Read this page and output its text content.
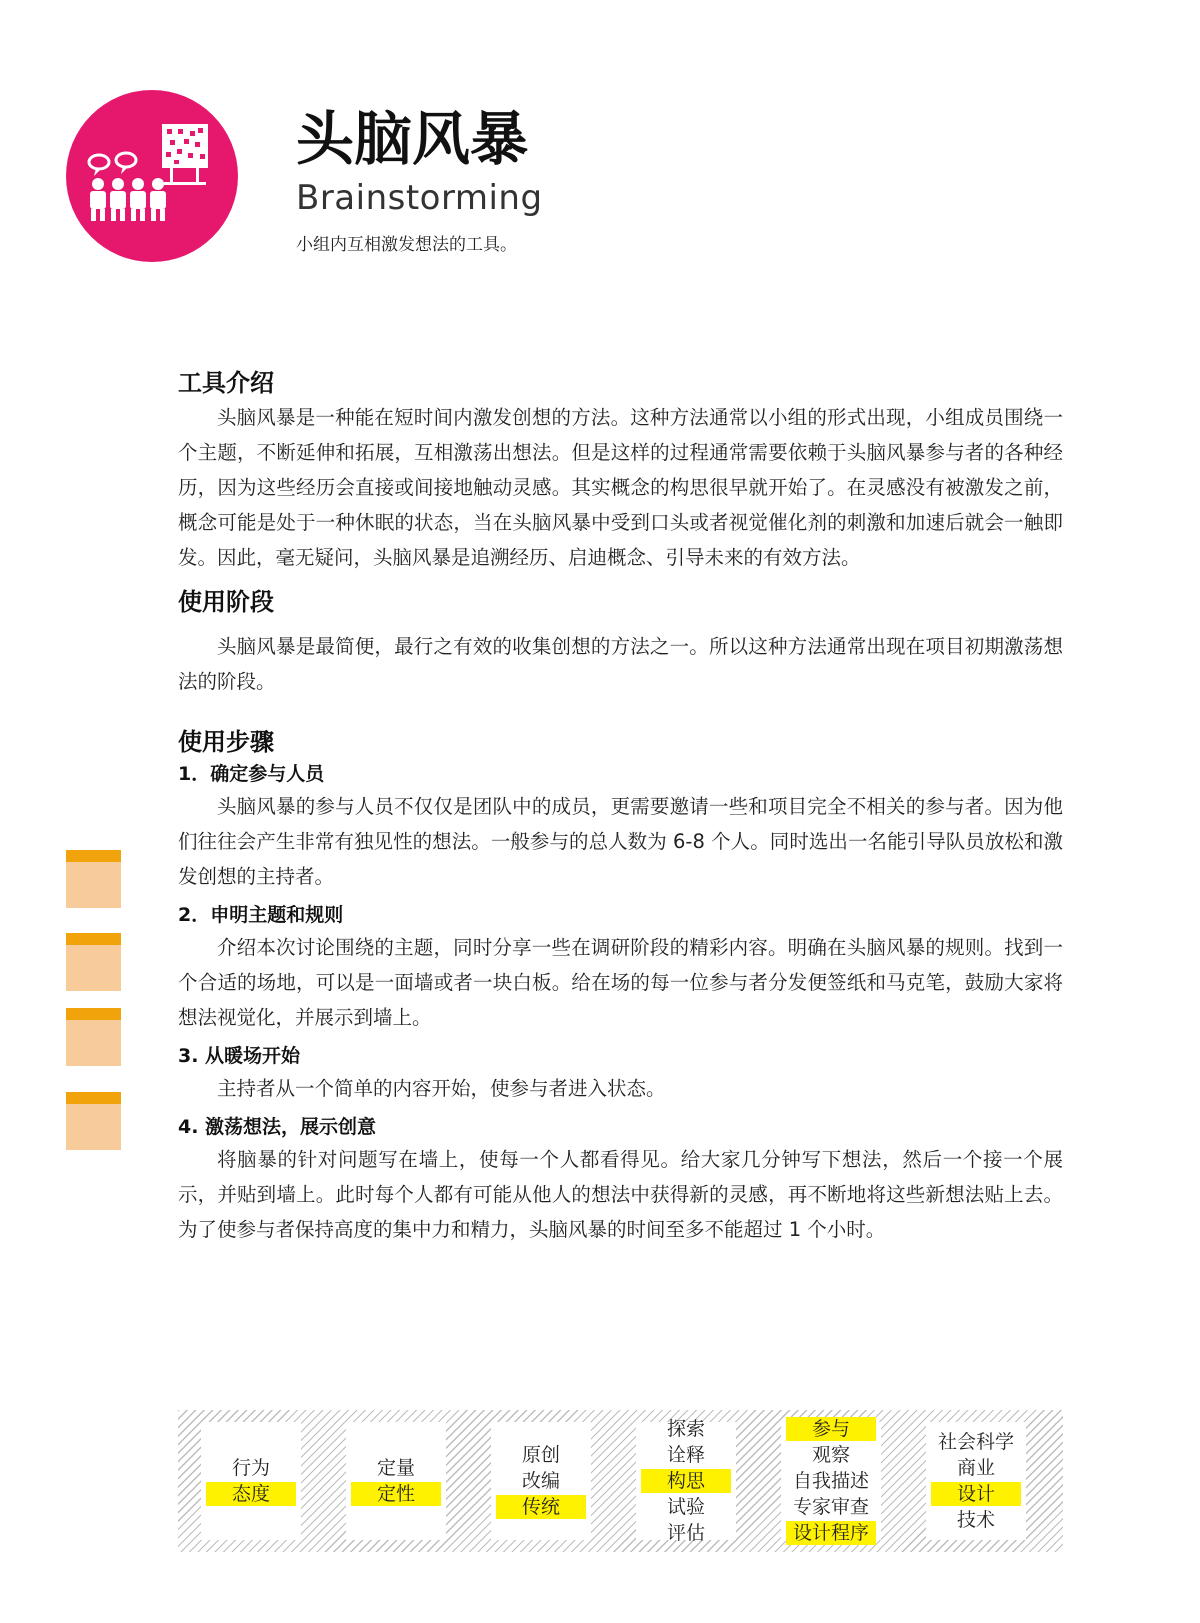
头脑风暴
Brainstorming
小组内互相激发想法的工具。
工具介绍

头脑风暴是一种能在短时间内激发创想的方法。这种方法通常以小组的形式出现，小组成员围绕一个主题，不断延伸和拓展，互相激荡出想法。但是这样的过程通常需要依赖于头脑风暴参与者的各种经历，因为这些经历会直接或间接地触动灵感。其实概念的构思很早就开始了。在灵感没有被激发之前，概念可能是处于一种休眠的状态，当在头脑风暴中受到口头或者视觉催化剂的刺激和加速后就会一触即发。因此，毫无疑问，头脑风暴是追溯经历、启迪概念、引导未来的有效方法。

使用阶段

头脑风暴是最简便，最行之有效的收集创想的方法之一。所以这种方法通常出现在项目初期激荡想法的阶段。

使用步骤
1．确定参与人员

头脑风暴的参与人员不仅仅是团队中的成员，更需要邀请一些和项目完全不相关的参与者。因为他们往往会产生非常有独见性的想法。一般参与的总人数为 6-8 个人。同时选出一名能引导队员放松和激发创想的主持者。

2．申明主题和规则

介绍本次讨论围绕的主题，同时分享一些在调研阶段的精彩内容。明确在头脑风暴的规则。找到一个合适的场地，可以是一面墙或者一块白板。给在场的每一位参与者分发便签纸和马克笔，鼓励大家将想法视觉化，并展示到墙上。

3. 从暖场开始

主持者从一个简单的内容开始，使参与者进入状态。

4. 激荡想法，展示创意

将脑暴的针对问题写在墙上，使每一个人都看得见。给大家几分钟写下想法，然后一个接一个展示，并贴到墙上。此时每个人都有可能从他人的想法中获得新的灵感，再不断地将这些新想法贴上去。为了使参与者保持高度的集中力和精力，头脑风暴的时间至多不能超过 1 个小时。

行为
态度
定量
定性
原创
改编
传统
探索
诠释
构思
试验
评估
参与
观察
自我描述
专家审查
设计程序
社会科学
商业
设计
技术
